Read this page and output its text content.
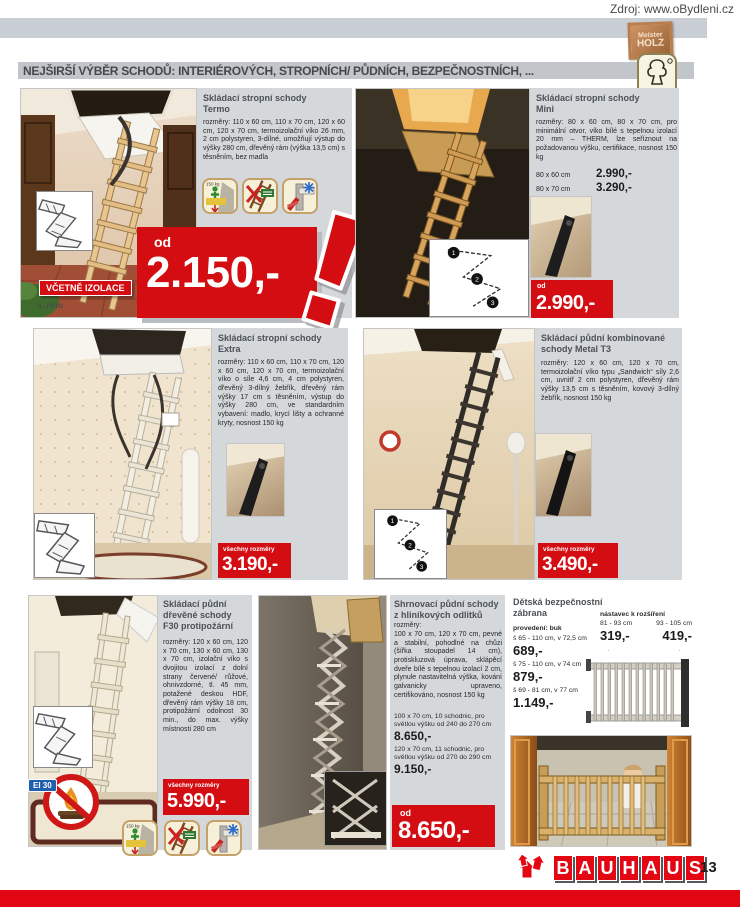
Zdroj: www.oBydleni.cz
Meister
HOLZ
NEJŠIRŠÍ VÝBĚR SCHODŮ: INTERIÉROVÝCH, STROPNÍCH/ PŮDNÍCH, BEZPEČNOSTNÍCH, ...
VČETNĚ IZOLACE
IL. FOTO
Skládací stropní schody Termo

rozměry: 110 x 60 cm, 110 x 70 cm, 120 x 60 cm, 120 x 70 cm, termoizolační víko 26 mm, 2 cm polystyren, 3-dílné, umožňují výstup do výšky 280 cm, dřevěný rám (výška 13,5 cm) s těsněním, bez madla

150 kg
od
2.150,-	1
2
3
Skládací stropní schody Mini

rozměry: 80 x 60 cm, 80 x 70 cm, pro minimální otvor, víko bílé s tepelnou izolací 20 mm – THERM, lze seříznout na požadovanou výšku, certifikace, nosnost 150 kg

80 x 60 cm	2.990,-
80 x 70 cm	3.290,-
od
2.990,-
Skládací stropní schody Extra

rozměry: 110 x 60 cm, 110 x 70 cm, 120 x 60 cm, 120 x 70 cm, termoizolační víko o síle 4,6 cm, 4 cm polystyren, dřevěný 3-dílný žebřík, dřevěný rám výšky 17 cm s těsněním, výstup do výšky 280 cm, ve standardním vybavení: madlo, krycí lišty a ochranné kryty, nosnost 150 kg

všechny rozměry
3.190,-
1
2
3
Skládací půdní kombinované schody Metal T3

rozměry: 120 x 60 cm, 120 x 70 cm, termoizolační víko typu „Sandwich“ síly 2,6 cm, uvnitř 2 cm polystyren, dřevěný rám výšky 13,5 cm s těsněním, kovový 3-dílný žebřík, nosnost 150 kg

všechny rozměry
3.490,-
EI 30
Skládací půdní dřevěné schody F30 protipožární

rozměry: 120 x 60 cm, 120 x 70 cm, 130 x 60 cm, 130 x 70 cm, izolační víko s dvojitou izolací z dolní strany červené/ růžové, ohnivzdorné, tl. 45 mm, potažené deskou HDF, dřevěný rám výšky 18 cm, protipožární odolnost 30 min., do max. výšky místnosti 280 cm

všechny rozměry
5.990,-
150 kg
Shrnovací půdní schody z hliníkových odlitků
rozměry:

100 x 70 cm, 120 x 70 cm, pevné a stabilní, pohodlné na chůzi (šířka stoupadel 14 cm), protiskluzová úprava, sklápěcí dveře bílé s tepelnou izolací 2 cm, plynule nastavitelná výška, kování galvanicky upraveno, certifikováno, nosnost 150 kg

100 x 70 cm, 10 schodnic, pro světlou výšku od 240 do 270 cm
8.650,-
120 x 70 cm, 11 schodnic, pro světlou výšku od 270 do 290 cm
9.150,-
od
8.650,-
Dětská bezpečnostní zábrana	nástavec k rozšíření
81 - 93 cm	93 - 105 cm
319,-	419,-
provedení: buk
š 65 - 110 cm, v 72,5 cm
689,-
š 75 - 110 cm, v 74 cm
879,-
š 69 - 81 cm, v 77 cm
1.149,-
B A U H A U S 13
